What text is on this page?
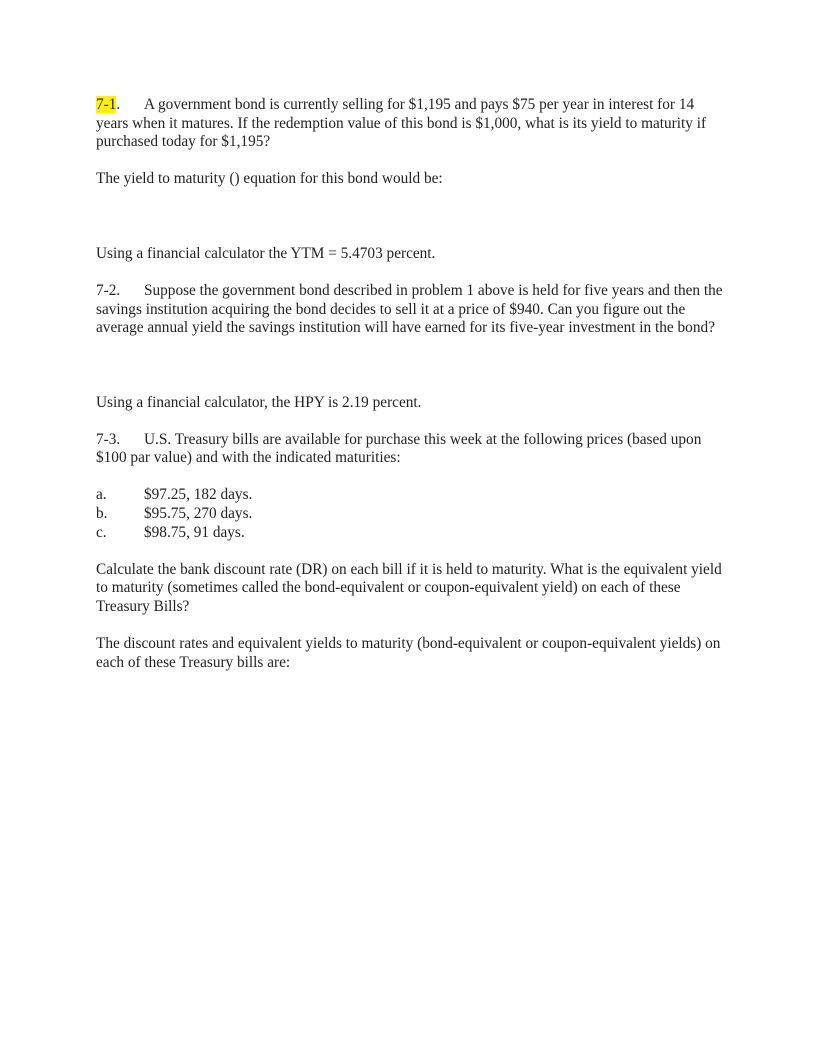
7-1. A government bond is currently selling for $1,195 and pays $75 per year in interest for 14 years when it matures. If the redemption value of this bond is $1,000, what is its yield to maturity if purchased today for $1,195?

The yield to maturity () equation for this bond would be:

Using a financial calculator the YTM = 5.4703 percent.

7-2. Suppose the government bond described in problem 1 above is held for five years and then the savings institution acquiring the bond decides to sell it at a price of $940. Can you figure out the average annual yield the savings institution will have earned for its five-year investment in the bond?

Using a financial calculator, the HPY is 2.19 percent.

7-3. U.S. Treasury bills are available for purchase this week at the following prices (based upon $100 par value) and with the indicated maturities:

a. $97.25, 182 days.
b. $95.75, 270 days.
c. $98.75, 91 days.

Calculate the bank discount rate (DR) on each bill if it is held to maturity. What is the equivalent yield to maturity (sometimes called the bond-equivalent or coupon-equivalent yield) on each of these Treasury Bills?

The discount rates and equivalent yields to maturity (bond-equivalent or coupon-equivalent yields) on each of these Treasury bills are:
